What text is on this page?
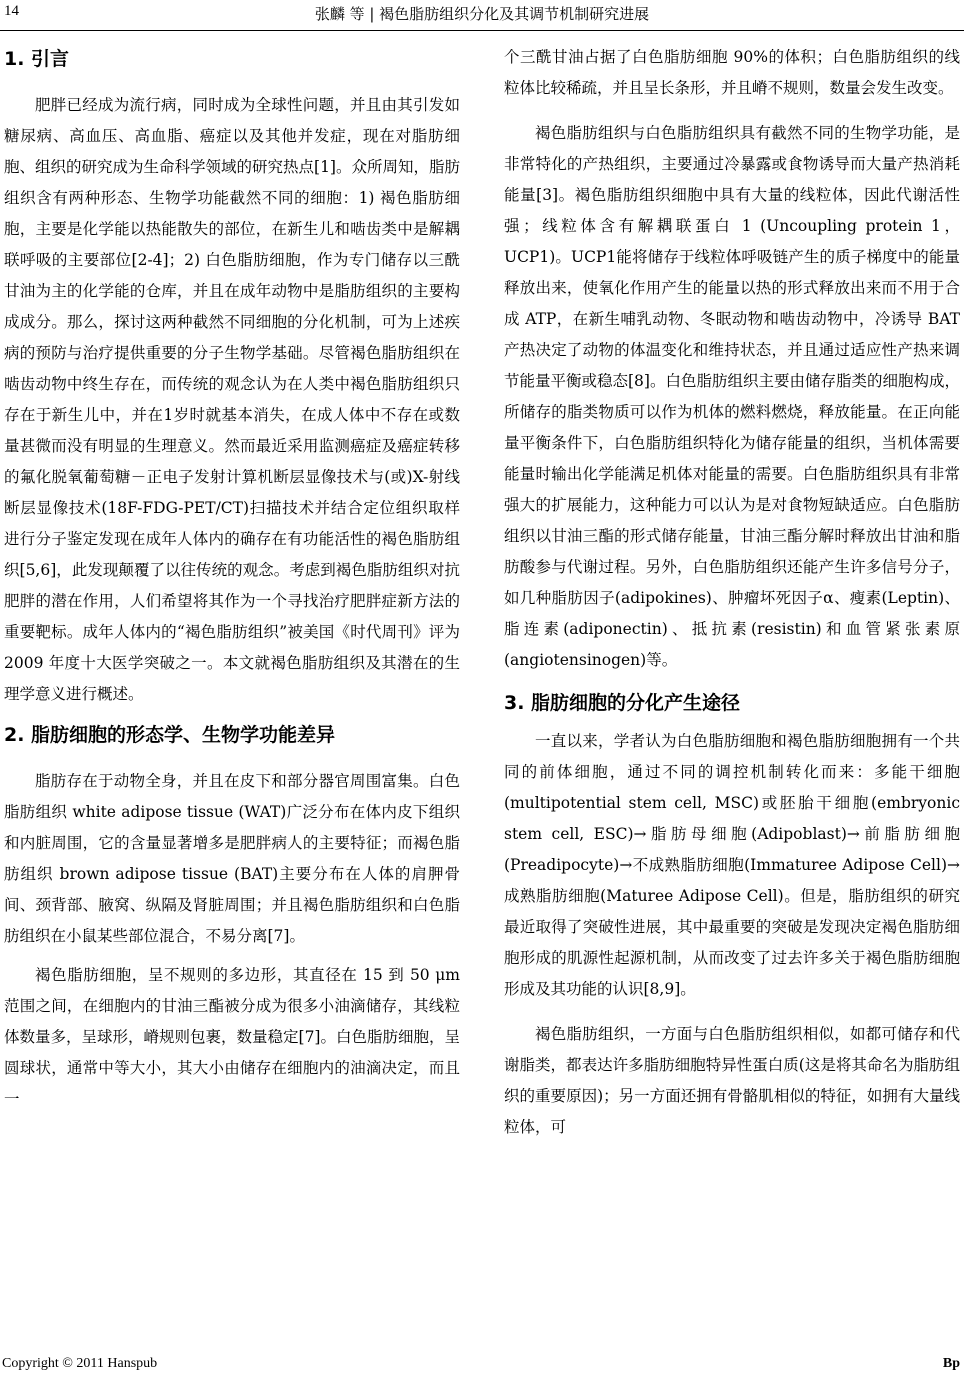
14	张麟 等 | 褐色脂肪组织分化及其调节机制研究进展
1. 引言

肥胖已经成为流行病，同时成为全球性问题，并且由其引发如糖尿病、高血压、高血脂、癌症以及其他并发症，现在对脂肪细胞、组织的研究成为生命科学领域的研究热点[1]。众所周知，脂肪组织含有两种形态、生物学功能截然不同的细胞：1) 褐色脂肪细胞，主要是化学能以热能散失的部位，在新生儿和啮齿类中是解耦联呼吸的主要部位[2-4]；2) 白色脂肪细胞，作为专门储存以三酰甘油为主的化学能的仓库，并且在成年动物中是脂肪组织的主要构成成分。那么，探讨这两种截然不同细胞的分化机制，可为上述疾病的预防与治疗提供重要的分子生物学基础。尽管褐色脂肪组织在啮齿动物中终生存在，而传统的观念认为在人类中褐色脂肪组织只存在于新生儿中，并在1岁时就基本消失，在成人体中不存在或数量甚微而没有明显的生理意义。然而最近采用监测癌症及癌症转移的氟化脱氧葡萄糖－正电子发射计算机断层显像技术与(或)X-射线断层显像技术(18F-FDG-PET/CT)扫描技术并结合定位组织取样进行分子鉴定发现在成年人体内的确存在有功能活性的褐色脂肪组织[5,6]，此发现颠覆了以往传统的观念。考虑到褐色脂肪组织对抗肥胖的潜在作用，人们希望将其作为一个寻找治疗肥胖症新方法的重要靶标。成年人体内的“褐色脂肪组织”被美国《时代周刊》评为 2009 年度十大医学突破之一。本文就褐色脂肪组织及其潜在的生理学意义进行概述。

2. 脂肪细胞的形态学、生物学功能差异

脂肪存在于动物全身，并且在皮下和部分器官周围富集。白色脂肪组织 white adipose tissue (WAT)广泛分布在体内皮下组织和内脏周围，它的含量显著增多是肥胖病人的主要特征；而褐色脂肪组织 brown adipose tissue (BAT)主要分布在人体的肩胛骨间、颈背部、腋窝、纵隔及肾脏周围；并且褐色脂肪组织和白色脂肪组织在小鼠某些部位混合，不易分离[7]。

褐色脂肪细胞，呈不规则的多边形，其直径在 15 到 50 μm 范围之间，在细胞内的甘油三酯被分成为很多小油滴储存，其线粒体数量多，呈球形，嵴规则包裹，数量稳定[7]。白色脂肪细胞，呈圆球状，通常中等大小，其大小由储存在细胞内的油滴决定，而且一

个三酰甘油占据了白色脂肪细胞 90%的体积；白色脂肪组织的线粒体比较稀疏，并且呈长条形，并且嵴不规则，数量会发生改变。

褐色脂肪组织与白色脂肪组织具有截然不同的生物学功能，是非常特化的产热组织，主要通过冷暴露或食物诱导而大量产热消耗能量[3]。褐色脂肪组织细胞中具有大量的线粒体，因此代谢活性强；线粒体含有解耦联蛋白 1 (Uncoupling protein 1，UCP1)。UCP1能将储存于线粒体呼吸链产生的质子梯度中的能量释放出来，使氧化作用产生的能量以热的形式释放出来而不用于合成 ATP，在新生哺乳动物、冬眠动物和啮齿动物中，冷诱导 BAT 产热决定了动物的体温变化和维持状态，并且通过适应性产热来调节能量平衡或稳态[8]。白色脂肪组织主要由储存脂类的细胞构成，所储存的脂类物质可以作为机体的燃料燃烧，释放能量。在正向能量平衡条件下，白色脂肪组织特化为储存能量的组织，当机体需要能量时输出化学能满足机体对能量的需要。白色脂肪组织具有非常强大的扩展能力，这种能力可以认为是对食物短缺适应。白色脂肪组织以甘油三酯的形式储存能量，甘油三酯分解时释放出甘油和脂肪酸参与代谢过程。另外，白色脂肪组织还能产生许多信号分子，如几种脂肪因子(adipokines)、肿瘤坏死因子α、瘦素(Leptin)、脂连素(adiponectin)、抵抗素(resistin)和血管紧张素原(angiotensinogen)等。

3. 脂肪细胞的分化产生途径

一直以来，学者认为白色脂肪细胞和褐色脂肪细胞拥有一个共同的前体细胞，通过不同的调控机制转化而来：多能干细胞(multipotential stem cell, MSC)或胚胎干细胞(embryonic stem cell, ESC)→脂肪母细胞(Adipoblast)→前脂肪细胞(Preadipocyte)→不成熟脂肪细胞(Immaturee Adipose Cell)→成熟脂肪细胞(Maturee Adipose Cell)。但是，脂肪组织的研究最近取得了突破性进展，其中最重要的突破是发现决定褐色脂肪细胞形成的肌源性起源机制，从而改变了过去许多关于褐色脂肪细胞形成及其功能的认识[8,9]。

褐色脂肪组织，一方面与白色脂肪组织相似，如都可储存和代谢脂类，都表达许多脂肪细胞特异性蛋白质(这是将其命名为脂肪组织的重要原因)；另一方面还拥有骨骼肌相似的特征，如拥有大量线粒体，可

Copyright © 2011 Hanspub	Bp
